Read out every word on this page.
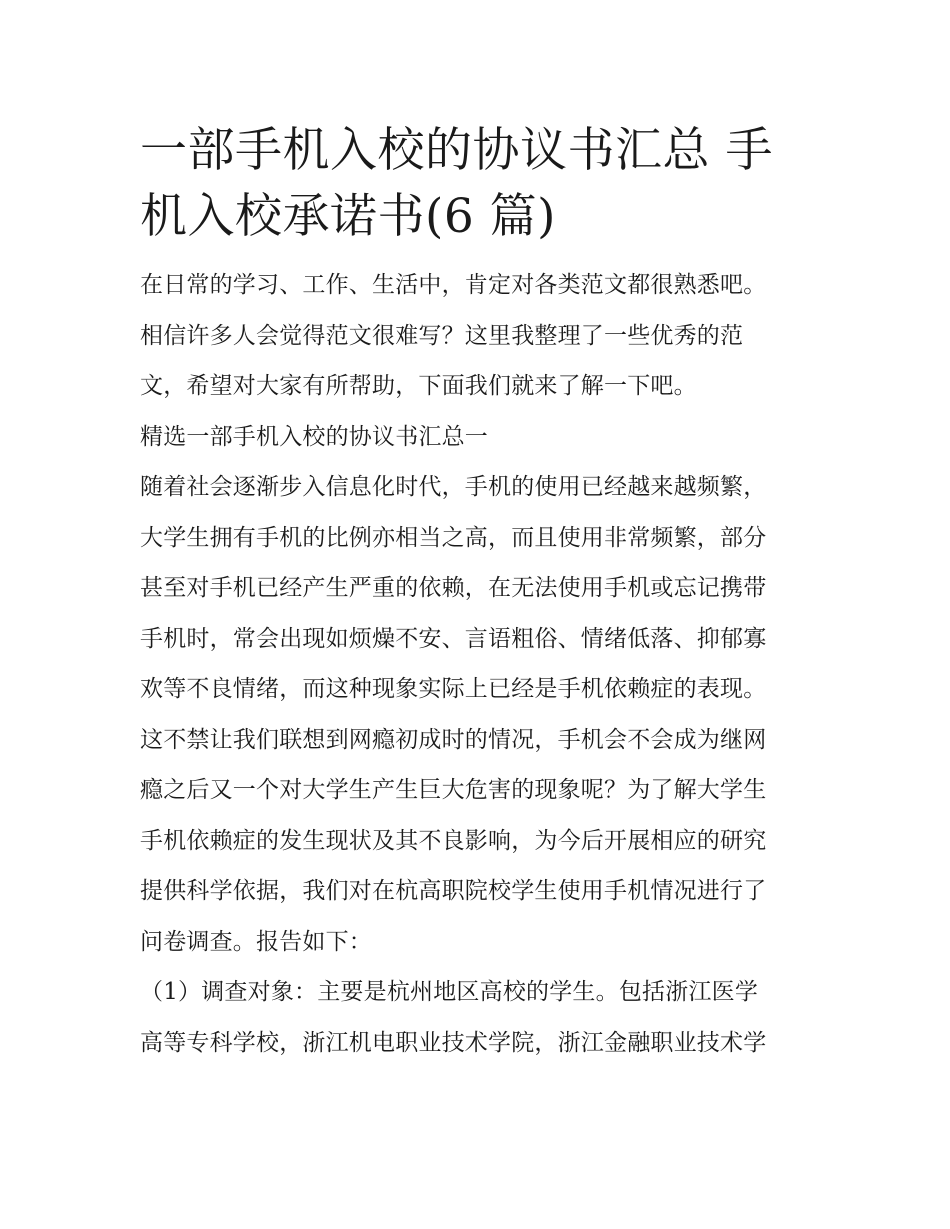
一部手机入校的协议书汇总 手
机入校承诺书(6 篇)
在日常的学习、工作、生活中，肯定对各类范文都很熟悉吧。
相信许多人会觉得范文很难写？这里我整理了一些优秀的范
文，希望对大家有所帮助，下面我们就来了解一下吧。
精选一部手机入校的协议书汇总一
随着社会逐渐步入信息化时代，手机的使用已经越来越频繁，
大学生拥有手机的比例亦相当之高，而且使用非常频繁，部分
甚至对手机已经产生严重的依赖，在无法使用手机或忘记携带
手机时，常会出现如烦燥不安、言语粗俗、情绪低落、抑郁寡
欢等不良情绪，而这种现象实际上已经是手机依赖症的表现。
这不禁让我们联想到网瘾初成时的情况，手机会不会成为继网
瘾之后又一个对大学生产生巨大危害的现象呢？为了解大学生
手机依赖症的发生现状及其不良影响，为今后开展相应的研究
提供科学依据，我们对在杭高职院校学生使用手机情况进行了
问卷调查。报告如下：
（1）调查对象：主要是杭州地区高校的学生。包括浙江医学
高等专科学校，浙江机电职业技术学院，浙江金融职业技术学
